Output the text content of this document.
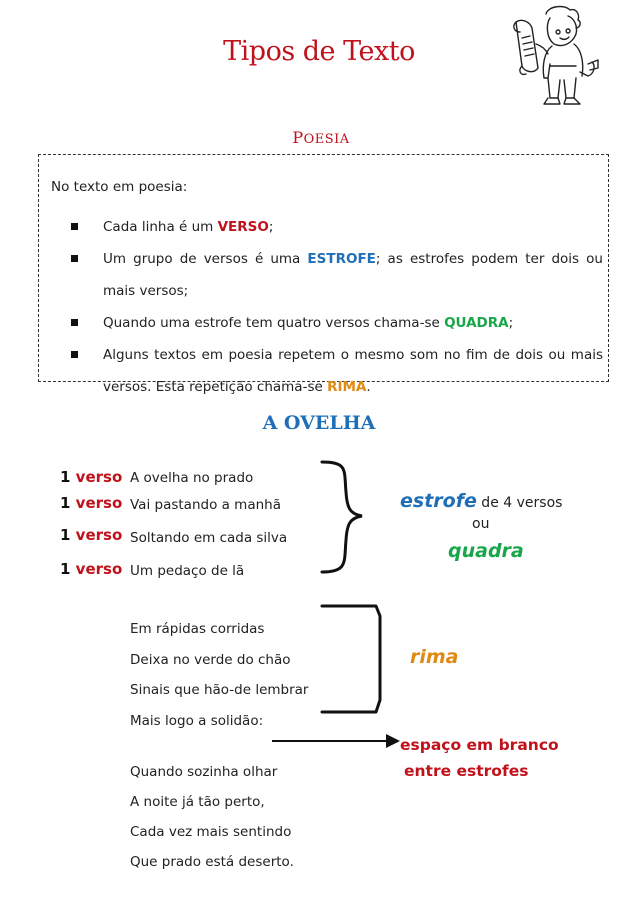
Tipos de Texto
POESIA
No texto em poesia:
Cada linha é um VERSO;
Um grupo de versos é uma ESTROFE; as estrofes podem ter dois ou mais versos;
Quando uma estrofe tem quatro versos chama-se QUADRA;
Alguns textos em poesia repetem o mesmo som no fim de dois ou mais versos. Esta repetição chama-se RIMA.
A OVELHA
1 verso
1 verso
1 verso
1 verso
A ovelha no prado
Vai pastando a manhã
Soltando em cada silva
Um pedaço de lã
Em rápidas corridas
Deixa no verde do chão
Sinais que hão-de lembrar
Mais logo a solidão:
Quando sozinha olhar
A noite já tão perto,
Cada vez mais sentindo
Que prado está deserto.
estrofe de 4 versos
ou
quadra
rima
espaço em branco
entre estrofes
